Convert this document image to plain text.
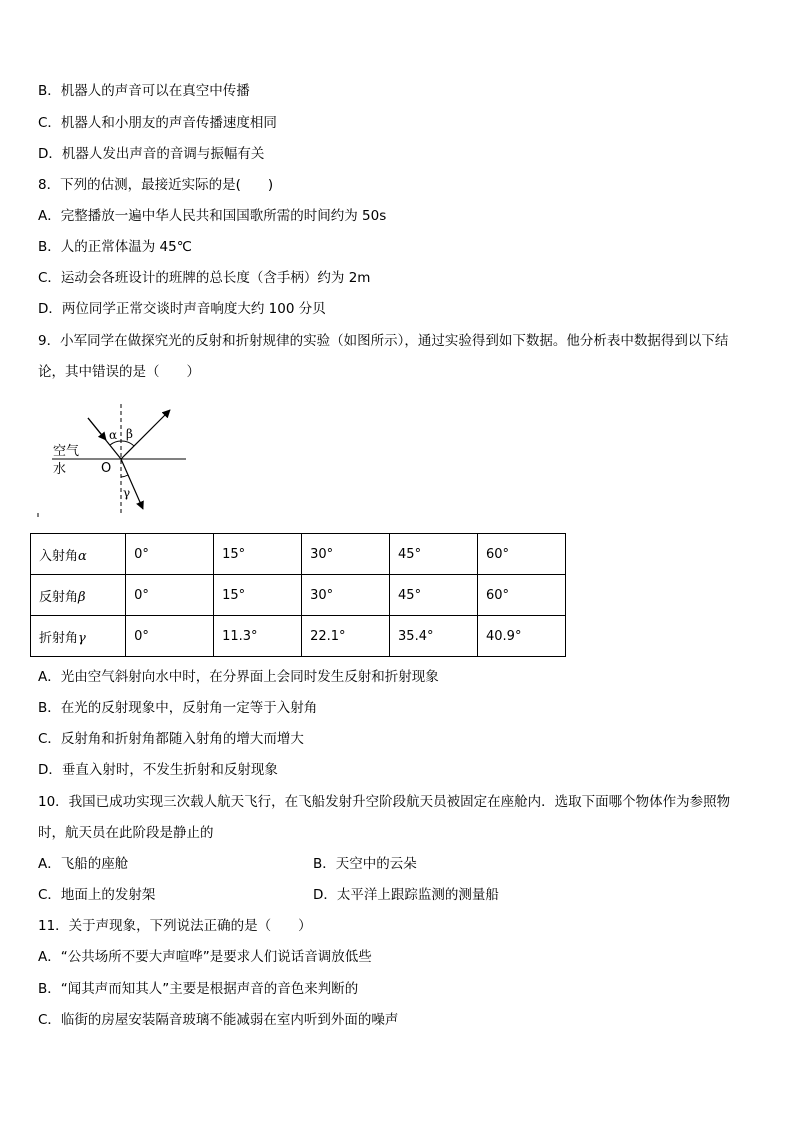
B．机器人的声音可以在真空中传播
C．机器人和小朋友的声音传播速度相同
D．机器人发出声音的音调与振幅有关
8．下列的估测，最接近实际的是(　　)
A．完整播放一遍中华人民共和国国歌所需的时间约为 50s
B．人的正常体温为 45℃
C．运动会各班设计的班牌的总长度（含手柄）约为 2m
D．两位同学正常交谈时声音响度大约 100 分贝
9．小军同学在做探究光的反射和折射规律的实验（如图所示），通过实验得到如下数据。他分析表中数据得到以下结
论，其中错误的是（　　）
空气
水	O
α β
γ
入射角α	0°	15°	30°	45°	60°
反射角β	0°	15°	30°	45°	60°
折射角γ	0°	11.3°	22.1°	35.4°	40.9°
A．光由空气斜射向水中时，在分界面上会同时发生反射和折射现象
B．在光的反射现象中，反射角一定等于入射角
C．反射角和折射角都随入射角的增大而增大
D．垂直入射时，不发生折射和反射现象
10．我国已成功实现三次载人航天飞行，在飞船发射升空阶段航天员被固定在座舱内．选取下面哪个物体作为参照物
时，航天员在此阶段是静止的
A．飞船的座舱	B．天空中的云朵
C．地面上的发射架	D．太平洋上跟踪监测的测量船
11．关于声现象，下列说法正确的是（　　）
A．“公共场所不要大声喧哗”是要求人们说话音调放低些
B．“闻其声而知其人”主要是根据声音的音色来判断的
C．临街的房屋安装隔音玻璃不能减弱在室内听到外面的噪声
